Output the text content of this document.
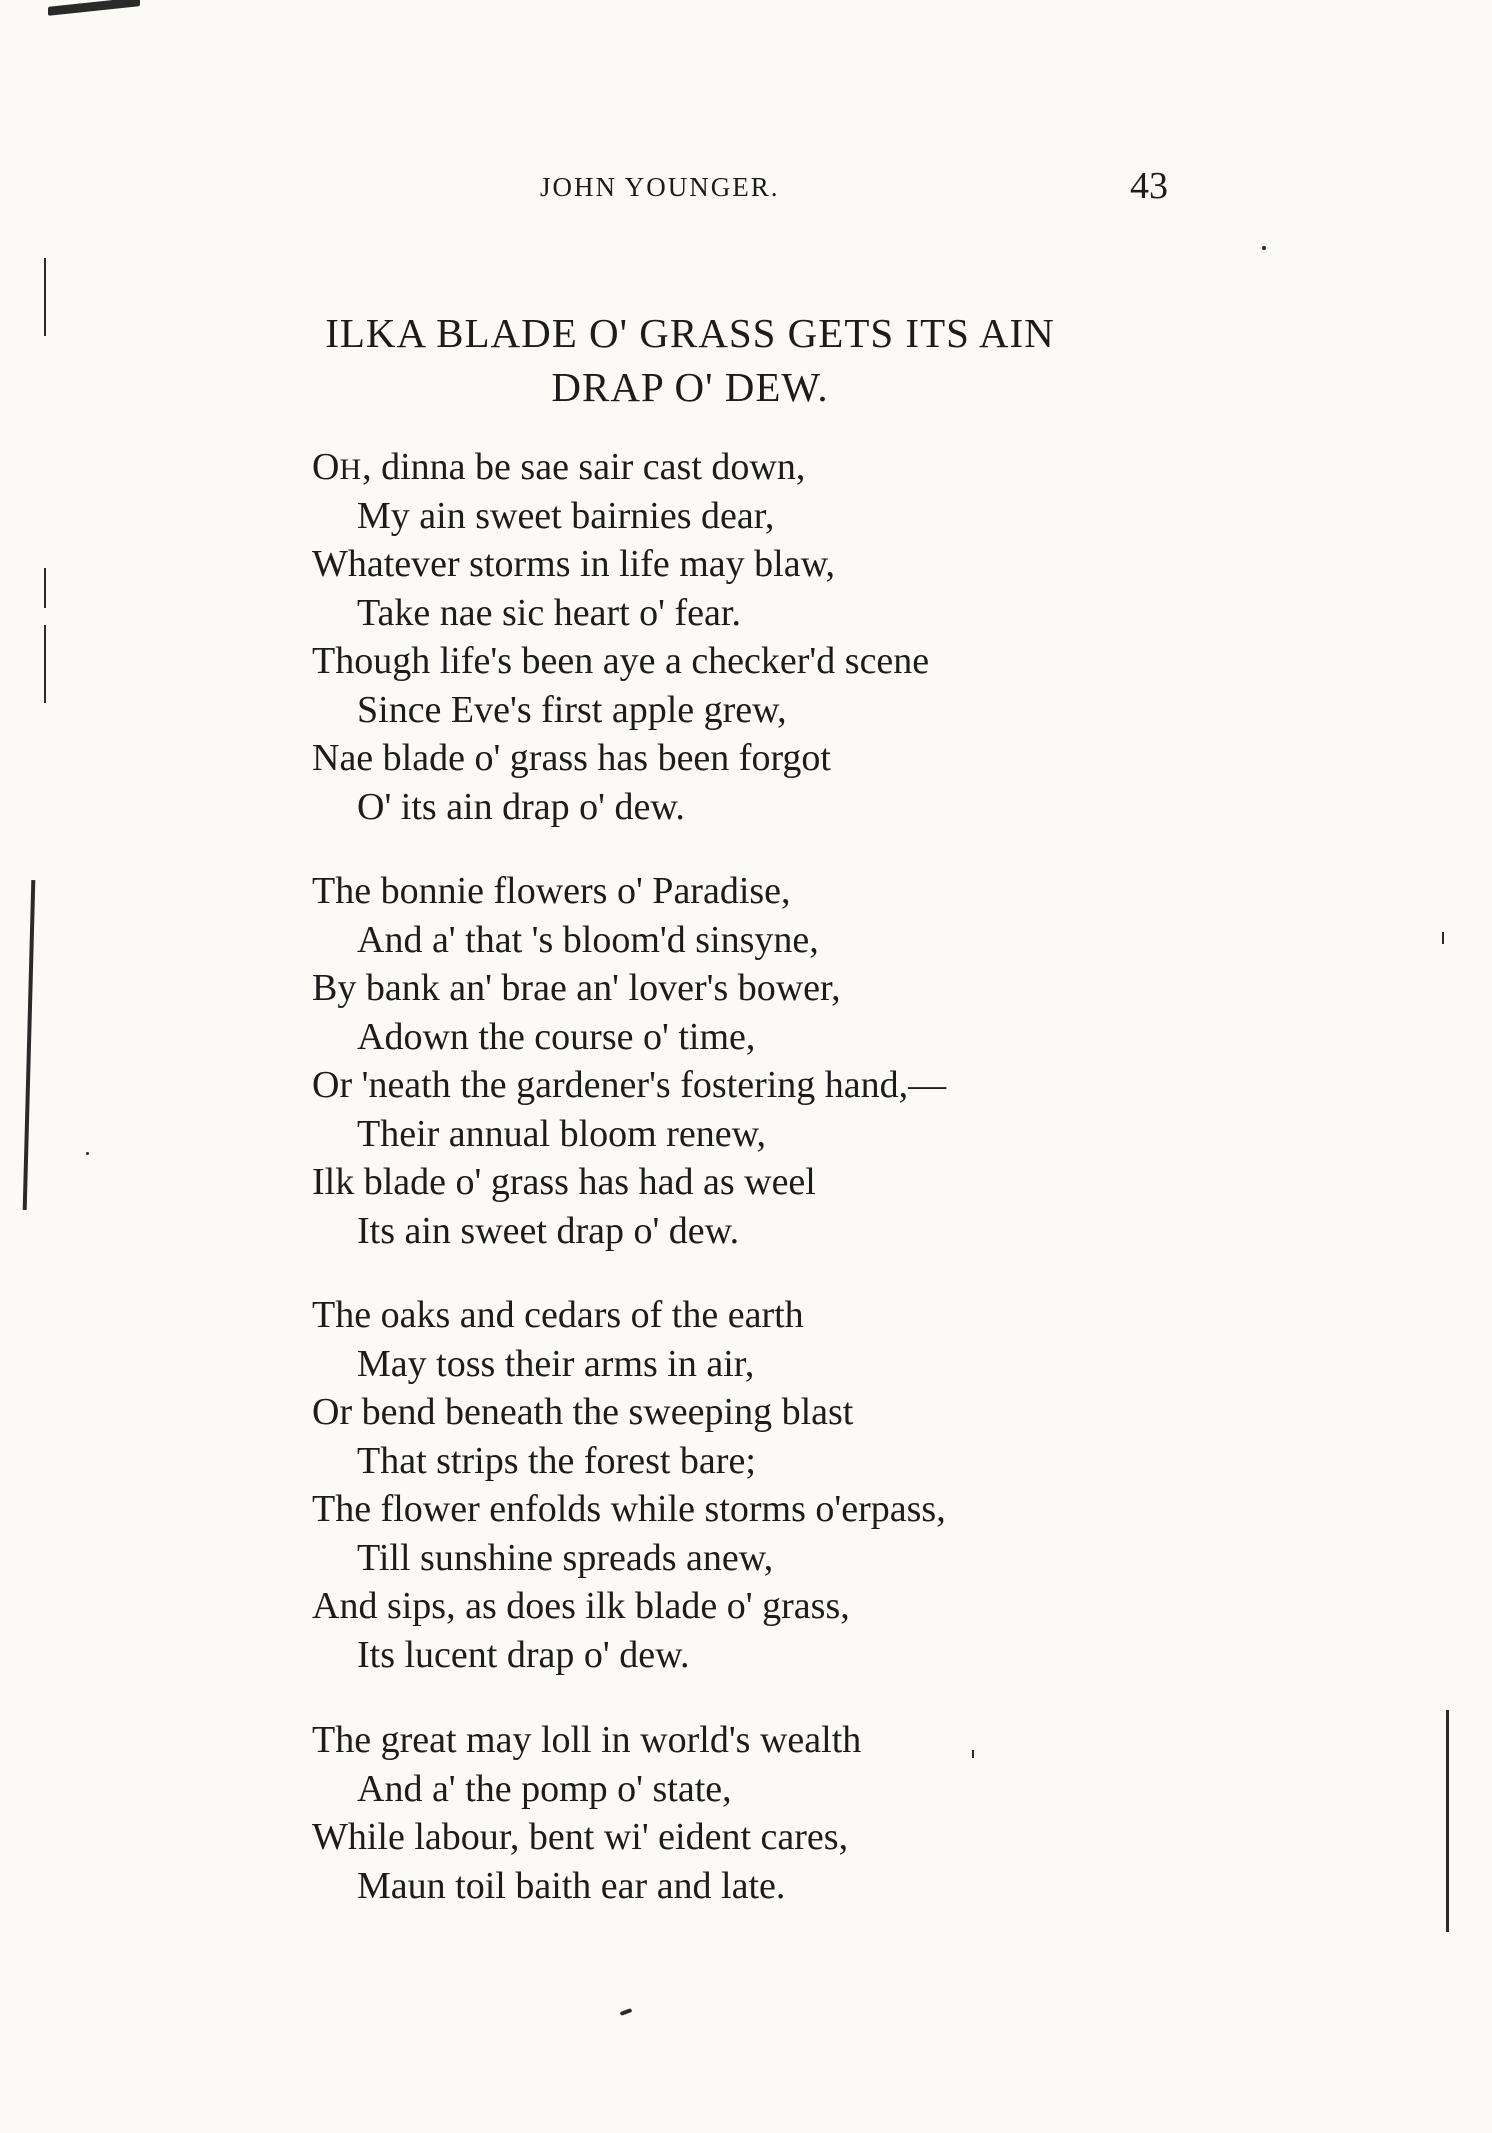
JOHN YOUNGER.	43
ILKA BLADE O' GRASS GETS ITS AIN
DRAP O' DEW.
OH, dinna be sae sair cast down,
My ain sweet bairnies dear,
Whatever storms in life may blaw,
Take nae sic heart o' fear.
Though life's been aye a checker'd scene
Since Eve's first apple grew,
Nae blade o' grass has been forgot
O' its ain drap o' dew.
The bonnie flowers o' Paradise,
And a' that 's bloom'd sinsyne,
By bank an' brae an' lover's bower,
Adown the course o' time,
Or 'neath the gardener's fostering hand,—
Their annual bloom renew,
Ilk blade o' grass has had as weel
Its ain sweet drap o' dew.
The oaks and cedars of the earth
May toss their arms in air,
Or bend beneath the sweeping blast
That strips the forest bare;
The flower enfolds while storms o'erpass,
Till sunshine spreads anew,
And sips, as does ilk blade o' grass,
Its lucent drap o' dew.
The great may loll in world's wealth
And a' the pomp o' state,
While labour, bent wi' eident cares,
Maun toil baith ear and late.
